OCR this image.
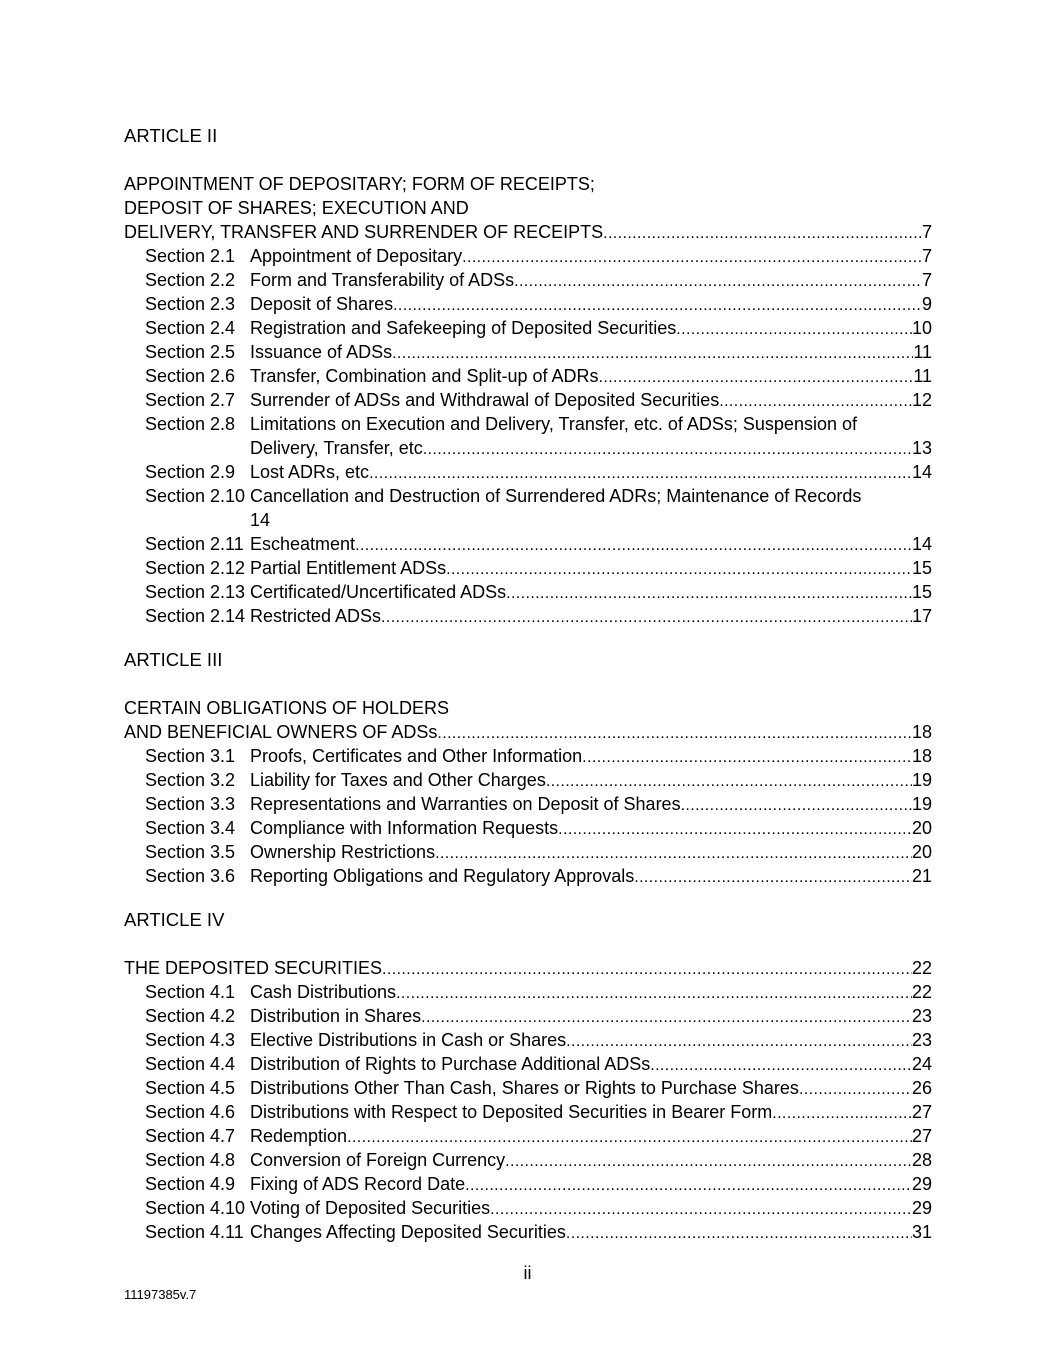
ARTICLE II
APPOINTMENT OF DEPOSITARY; FORM OF RECEIPTS;
DEPOSIT OF SHARES; EXECUTION AND
DELIVERY, TRANSFER AND SURRENDER OF RECEIPTS .....	7
Section 2.1 Appointment of Depositary .....	7
Section 2.2 Form and Transferability of ADSs .....	7
Section 2.3 Deposit of Shares .....	9
Section 2.4 Registration and Safekeeping of Deposited Securities .....	10
Section 2.5 Issuance of ADSs .....	11
Section 2.6 Transfer, Combination and Split-up of ADRs .....	11
Section 2.7 Surrender of ADSs and Withdrawal of Deposited Securities .....	12
Section 2.8 Limitations on Execution and Delivery, Transfer, etc. of ADSs; Suspension of
Delivery, Transfer, etc .....	13
Section 2.9 Lost ADRs, etc .....	14
Section 2.10 Cancellation and Destruction of Surrendered ADRs; Maintenance of Records
14
Section 2.11 Escheatment .....	14
Section 2.12 Partial Entitlement ADSs .....	15
Section 2.13 Certificated/Uncertificated ADSs .....	15
Section 2.14 Restricted ADSs .....	17
ARTICLE III
CERTAIN OBLIGATIONS OF HOLDERS
AND BENEFICIAL OWNERS OF ADSs .....	18
Section 3.1 Proofs, Certificates and Other Information .....	18
Section 3.2 Liability for Taxes and Other Charges .....	19
Section 3.3 Representations and Warranties on Deposit of Shares .....	19
Section 3.4 Compliance with Information Requests .....	20
Section 3.5 Ownership Restrictions .....	20
Section 3.6 Reporting Obligations and Regulatory Approvals .....	21
ARTICLE IV
THE DEPOSITED SECURITIES .....	22
Section 4.1 Cash Distributions .....	22
Section 4.2 Distribution in Shares .....	23
Section 4.3 Elective Distributions in Cash or Shares .....	23
Section 4.4 Distribution of Rights to Purchase Additional ADSs .....	24
Section 4.5 Distributions Other Than Cash, Shares or Rights to Purchase Shares .....	26
Section 4.6 Distributions with Respect to Deposited Securities in Bearer Form .....	27
Section 4.7 Redemption .....	27
Section 4.8 Conversion of Foreign Currency .....	28
Section 4.9 Fixing of ADS Record Date .....	29
Section 4.10 Voting of Deposited Securities .....	29
Section 4.11 Changes Affecting Deposited Securities .....	31
ii
11197385v.7
